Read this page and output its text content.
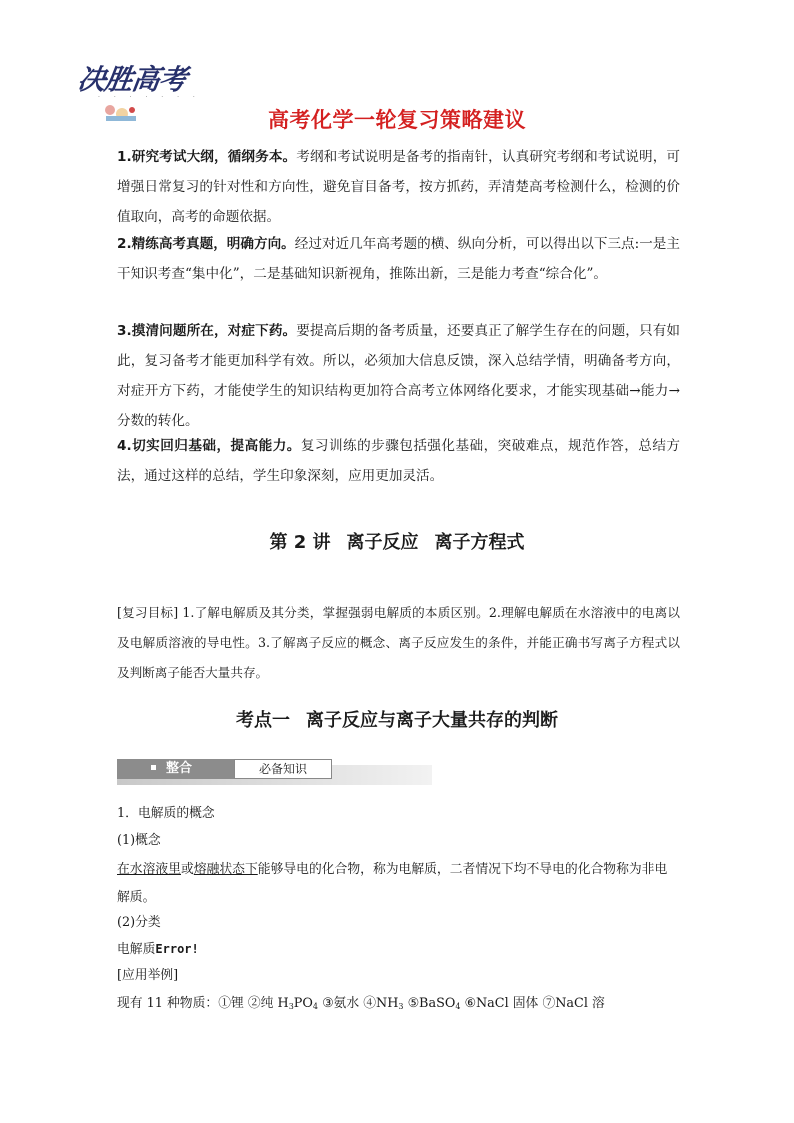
决胜高考
· · · · · · ·
高考化学一轮复习策略建议

1.研究考试大纲，循纲务本。考纲和考试说明是备考的指南针，认真研究考纲和考试说明，可增强日常复习的针对性和方向性，避免盲目备考，按方抓药，弄清楚高考检测什么，检测的价值取向，高考的命题依据。

2.精练高考真题，明确方向。经过对近几年高考题的横、纵向分析，可以得出以下三点:一是主干知识考查“集中化”，二是基础知识新视角，推陈出新，三是能力考查“综合化”。

3.摸清问题所在，对症下药。要提高后期的备考质量，还要真正了解学生存在的问题，只有如此，复习备考才能更加科学有效。所以，必须加大信息反馈，深入总结学情，明确备考方向，对症开方下药，才能使学生的知识结构更加符合高考立体网络化要求，才能实现基础→能力→分数的转化。

4.切实回归基础，提高能力。复习训练的步骤包括强化基础，突破难点，规范作答，总结方法，通过这样的总结，学生印象深刻，应用更加灵活。

第 2 讲 离子反应 离子方程式

[复习目标] 1.了解电解质及其分类，掌握强弱电解质的本质区别。2.理解电解质在水溶液中的电离以及电解质溶液的导电性。3.了解离子反应的概念、离子反应发生的条件，并能正确书写离子方程式以及判断离子能否大量共存。

考点一 离子反应与离子大量共存的判断
整合	必备知识

1．电解质的概念

(1)概念

在水溶液里或熔融状态下能够导电的化合物，称为电解质，二者情况下均不导电的化合物称为非电解质。

(2)分类

电解质Error!

[应用举例]

现有 11 种物质：①锂 ②纯 $H_3PO_4$ ③氨水 $④NH_3$ ⑤BaSO$_4$ ⑥NaCl 固体 ⑦NaCl 溶
